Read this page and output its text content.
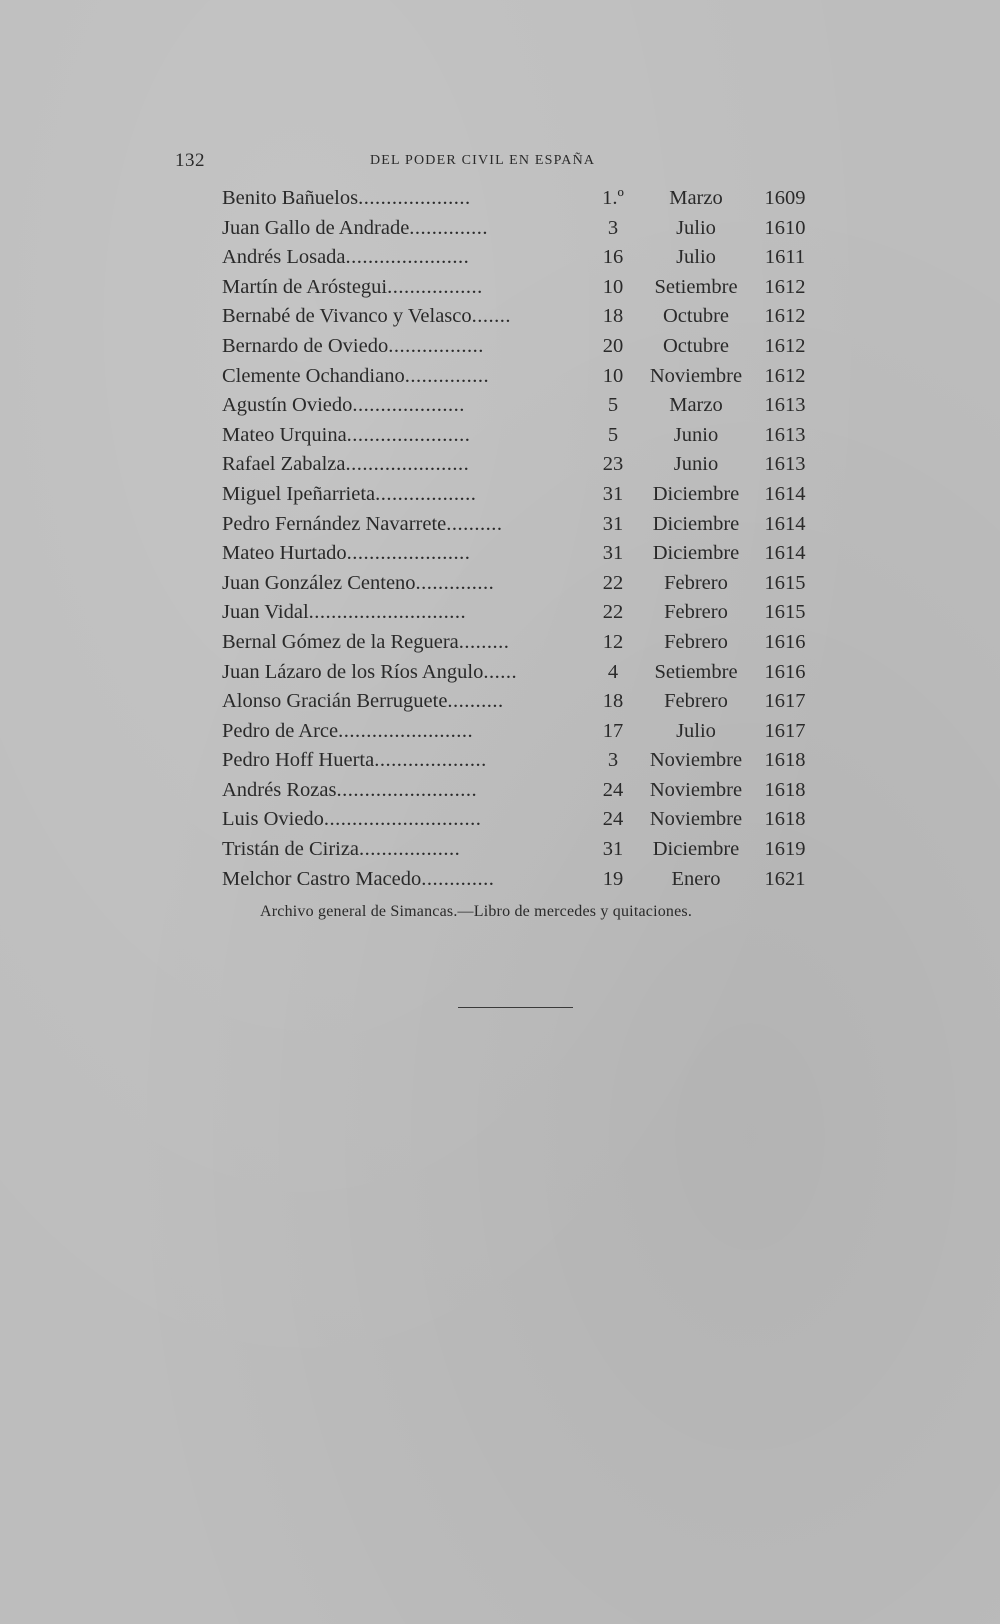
132	DEL PODER CIVIL EN ESPAÑA
Benito Bañuelos....................	1.º	Marzo	1609
Juan Gallo de Andrade..............	3	Julio	1610
Andrés Losada......................	16	Julio	1611
Martín de Aróstegui.................	10	Setiembre	1612
Bernabé de Vivanco y Velasco.......	18	Octubre	1612
Bernardo de Oviedo.................	20	Octubre	1612
Clemente Ochandiano...............	10	Noviembre	1612
Agustín Oviedo....................	5	Marzo	1613
Mateo Urquina......................	5	Junio	1613
Rafael Zabalza......................	23	Junio	1613
Miguel Ipeñarrieta..................	31	Diciembre	1614
Pedro Fernández Navarrete..........	31	Diciembre	1614
Mateo Hurtado......................	31	Diciembre	1614
Juan González Centeno..............	22	Febrero	1615
Juan Vidal............................	22	Febrero	1615
Bernal Gómez de la Reguera.........	12	Febrero	1616
Juan Lázaro de los Ríos Angulo......	4	Setiembre	1616
Alonso Gracián Berruguete..........	18	Febrero	1617
Pedro de Arce........................	17	Julio	1617
Pedro Hoff Huerta....................	3	Noviembre	1618
Andrés Rozas.........................	24	Noviembre	1618
Luis Oviedo............................	24	Noviembre	1618
Tristán de Ciriza..................	31	Diciembre	1619
Melchor Castro Macedo.............	19	Enero	1621
Archivo general de Simancas.—Libro de mercedes y quitaciones.
